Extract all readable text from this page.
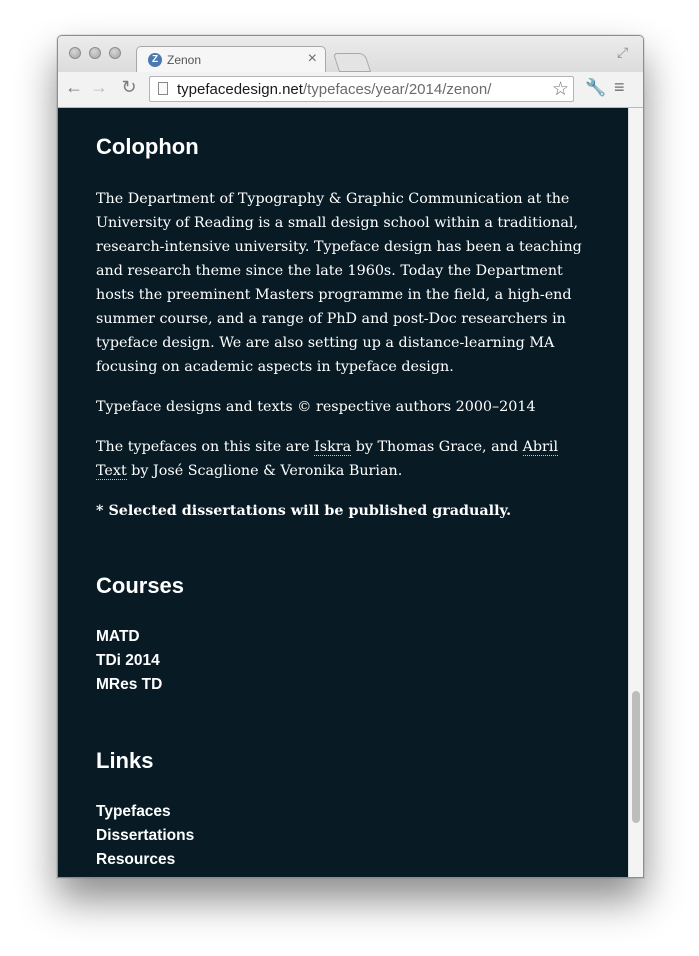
Z Zenon	×	⤢
← → ↻	typefacedesign.net/typefaces/year/2014/zenon/	☆ 🔧 ≡
Colophon

The Department of Typography & Graphic Communication at the University of Reading is a small design school within a traditional, research-intensive university. Typeface design has been a teaching and research theme since the late 1960s. Today the Department hosts the preeminent Masters programme in the field, a high-end summer course, and a range of PhD and post-Doc researchers in typeface design. We are also setting up a distance-learning MA focusing on academic aspects in typeface design.

Typeface designs and texts © respective authors 2000–2014

The typefaces on this site are Iskra by Thomas Grace, and Abril Text by José Scaglione & Veronika Burian.

* Selected dissertations will be published gradually.

Courses
MATD
TDi 2014
MRes TD
Links
Typefaces
Dissertations
Resources
